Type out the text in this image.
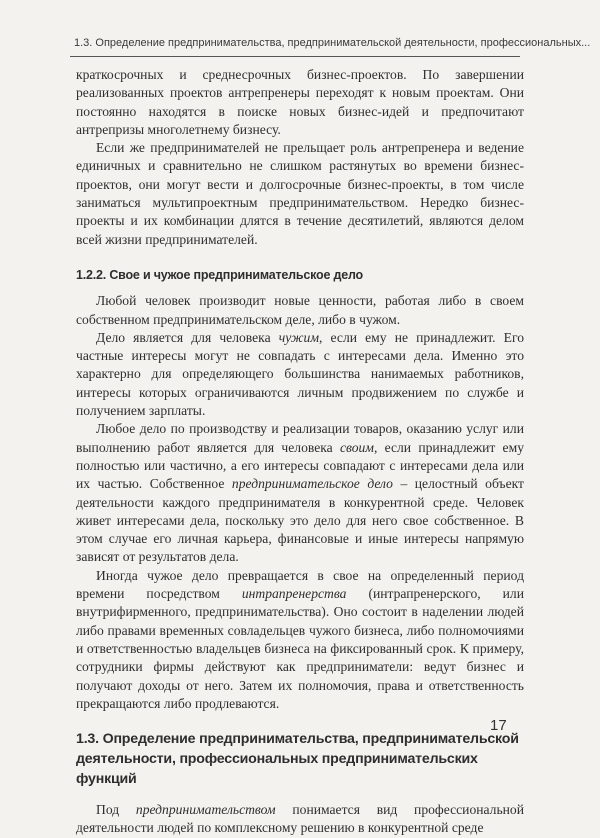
1.3. Определение предпринимательства, предпринимательской деятельности, профессиональных...

краткосрочных и среднесрочных бизнес-проектов. По завершении реализованных проектов антрепренеры переходят к новым проектам. Они постоянно находятся в поиске новых бизнес-идей и предпочитают антрепризы многолетнему бизнесу.

Если же предпринимателей не прельщает роль антрепренера и ведение единичных и сравнительно не слишком растянутых во времени бизнес-проектов, они могут вести и долгосрочные бизнес-проекты, в том числе заниматься мультипроектным предпринимательством. Нередко бизнес-проекты и их комбинации длятся в течение десятилетий, являются делом всей жизни предпринимателей.

1.2.2. Свое и чужое предпринимательское дело

Любой человек производит новые ценности, работая либо в своем собственном предпринимательском деле, либо в чужом.

Дело является для человека чужим, если ему не принадлежит. Его частные интересы могут не совпадать с интересами дела. Именно это характерно для определяющего большинства нанимаемых работников, интересы которых ограничиваются личным продвижением по службе и получением зарплаты.

Любое дело по производству и реализации товаров, оказанию услуг или выполнению работ является для человека своим, если принадлежит ему полностью или частично, а его интересы совпадают с интересами дела или их частью. Собственное предпринимательское дело – целостный объект деятельности каждого предпринимателя в конкурентной среде. Человек живет интересами дела, поскольку это дело для него свое собственное. В этом случае его личная карьера, финансовые и иные интересы напрямую зависят от результатов дела.

Иногда чужое дело превращается в свое на определенный период времени посредством интрапренерства (интрапренерского, или внутрифирменного, предпринимательства). Оно состоит в наделении людей либо правами временных совладельцев чужого бизнеса, либо полномочиями и ответственностью владельцев бизнеса на фиксированный срок. К примеру, сотрудники фирмы действуют как предприниматели: ведут бизнес и получают доходы от него. Затем их полномочия, права и ответственность прекращаются либо продлеваются.

1.3. Определение предпринимательства, предпринимательской деятельности, профессиональных предпринимательских функций

Под предпринимательством понимается вид профессиональной деятельности людей по комплексному решению в конкурентной среде

17
